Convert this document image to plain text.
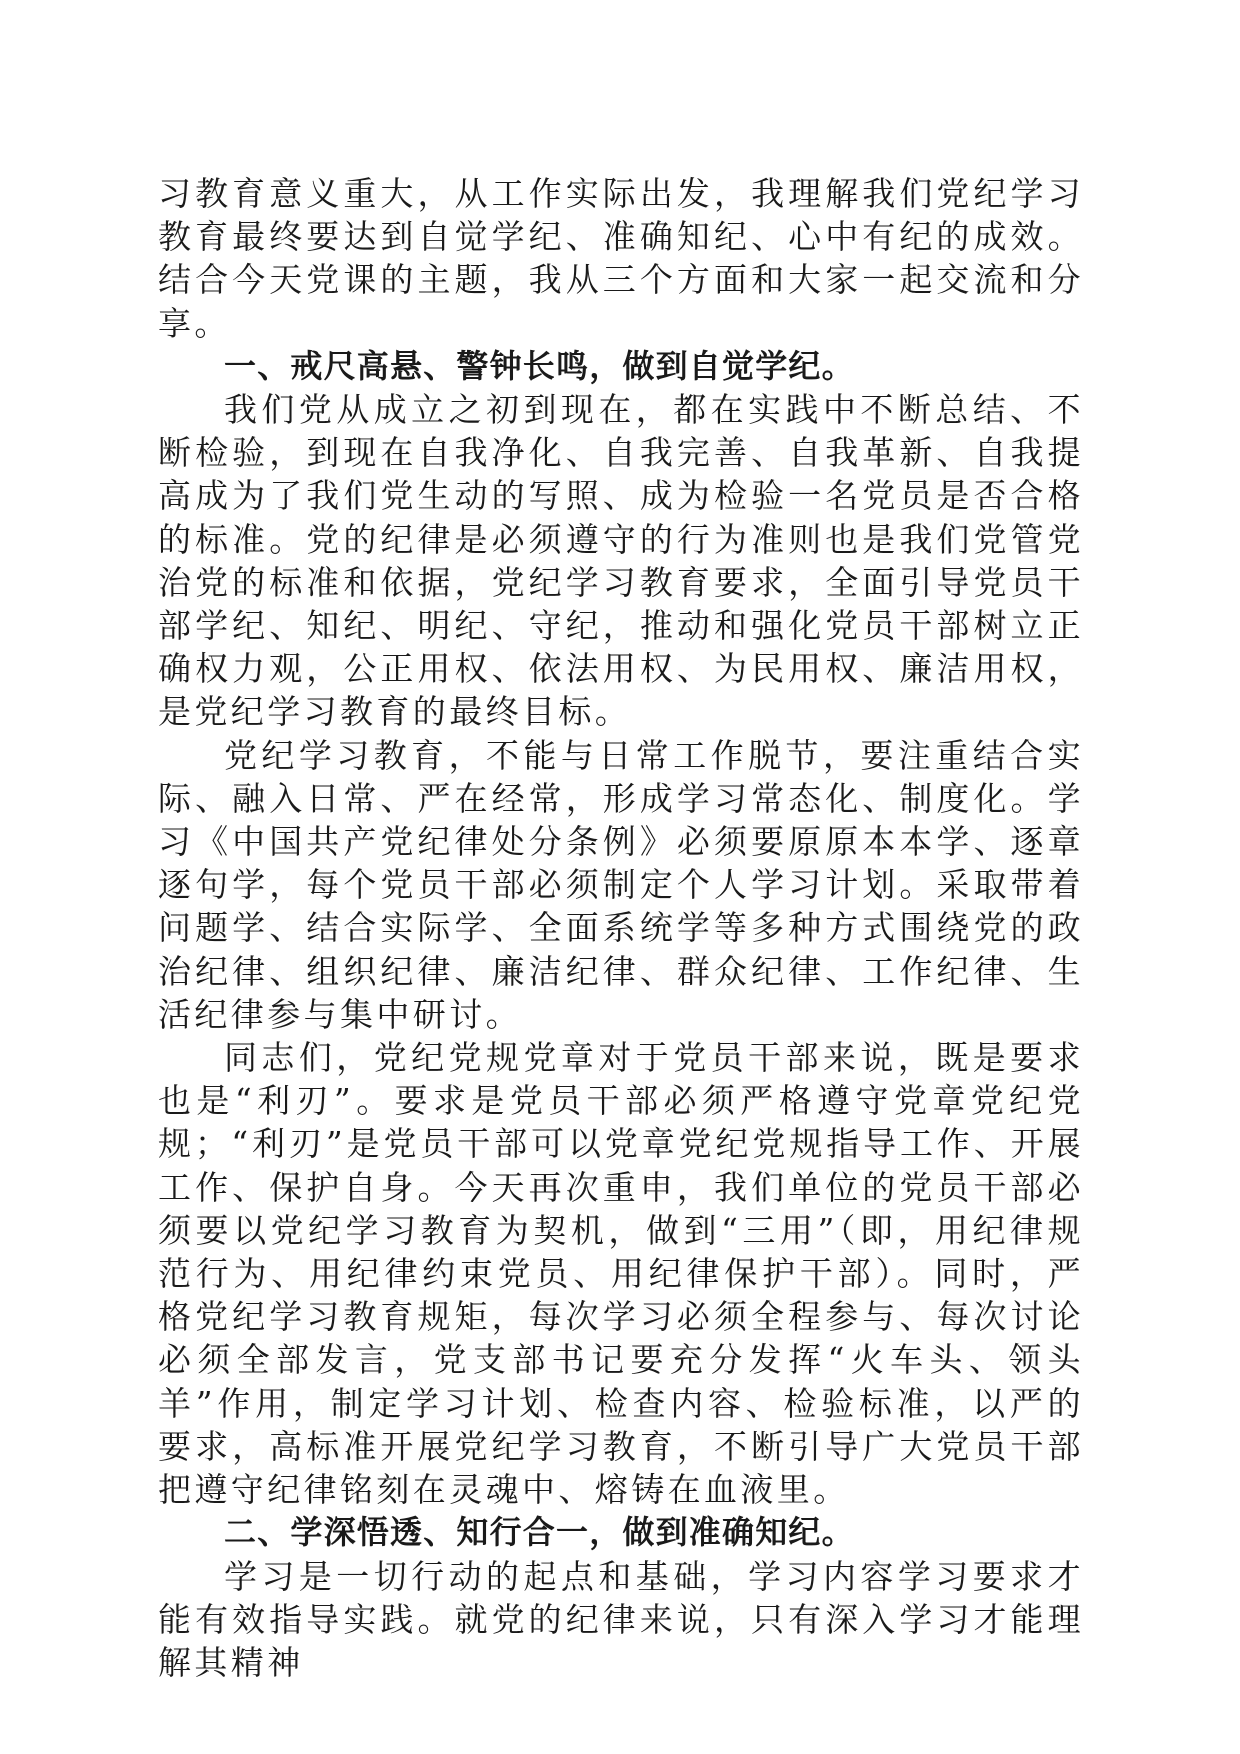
习教育意义重大，从工作实际出发，我理解我们党纪学习教育最终要达到自觉学纪、准确知纪、心中有纪的成效。结合今天党课的主题，我从三个方面和大家一起交流和分享。

一、戒尺高悬、警钟长鸣，做到自觉学纪。

我们党从成立之初到现在，都在实践中不断总结、不断检验，到现在自我净化、自我完善、自我革新、自我提高成为了我们党生动的写照、成为检验一名党员是否合格的标准。党的纪律是必须遵守的行为准则也是我们党管党治党的标准和依据，党纪学习教育要求，全面引导党员干部学纪、知纪、明纪、守纪，推动和强化党员干部树立正确权力观，公正用权、依法用权、为民用权、廉洁用权，是党纪学习教育的最终目标。

党纪学习教育，不能与日常工作脱节，要注重结合实际、融入日常、严在经常，形成学习常态化、制度化。学习《中国共产党纪律处分条例》必须要原原本本学、逐章逐句学，每个党员干部必须制定个人学习计划。采取带着问题学、结合实际学、全面系统学等多种方式围绕党的政治纪律、组织纪律、廉洁纪律、群众纪律、工作纪律、生活纪律参与集中研讨。

同志们，党纪党规党章对于党员干部来说，既是要求也是“利刃”。要求是党员干部必须严格遵守党章党纪党规；“利刃”是党员干部可以党章党纪党规指导工作、开展工作、保护自身。今天再次重申，我们单位的党员干部必须要以党纪学习教育为契机，做到“三用”（即，用纪律规范行为、用纪律约束党员、用纪律保护干部）。同时，严格党纪学习教育规矩，每次学习必须全程参与、每次讨论必须全部发言，党支部书记要充分发挥“火车头、领头羊”作用，制定学习计划、检查内容、检验标准，以严的要求，高标准开展党纪学习教育，不断引导广大党员干部把遵守纪律铭刻在灵魂中、熔铸在血液里。

二、学深悟透、知行合一，做到准确知纪。

学习是一切行动的起点和基础，学习内容学习要求才能有效指导实践。就党的纪律来说，只有深入学习才能理解其精神
